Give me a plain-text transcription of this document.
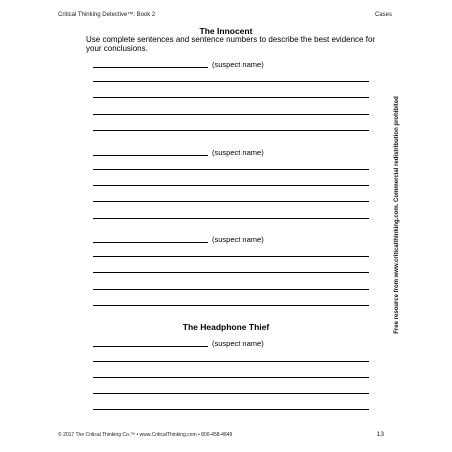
Critical Thinking Detective™: Book 2	Cases
The Innocent
Use complete sentences and sentence numbers to describe the best evidence for your conclusions.
(suspect name)
(suspect name)
(suspect name)
The Headphone Thief
(suspect name)
Free resource from www.criticalthinking.com. Commercial redistribution prohibited
© 2017 The Critical Thinking Co.™ • www.CriticalThinking.com • 800-458-4849	13
